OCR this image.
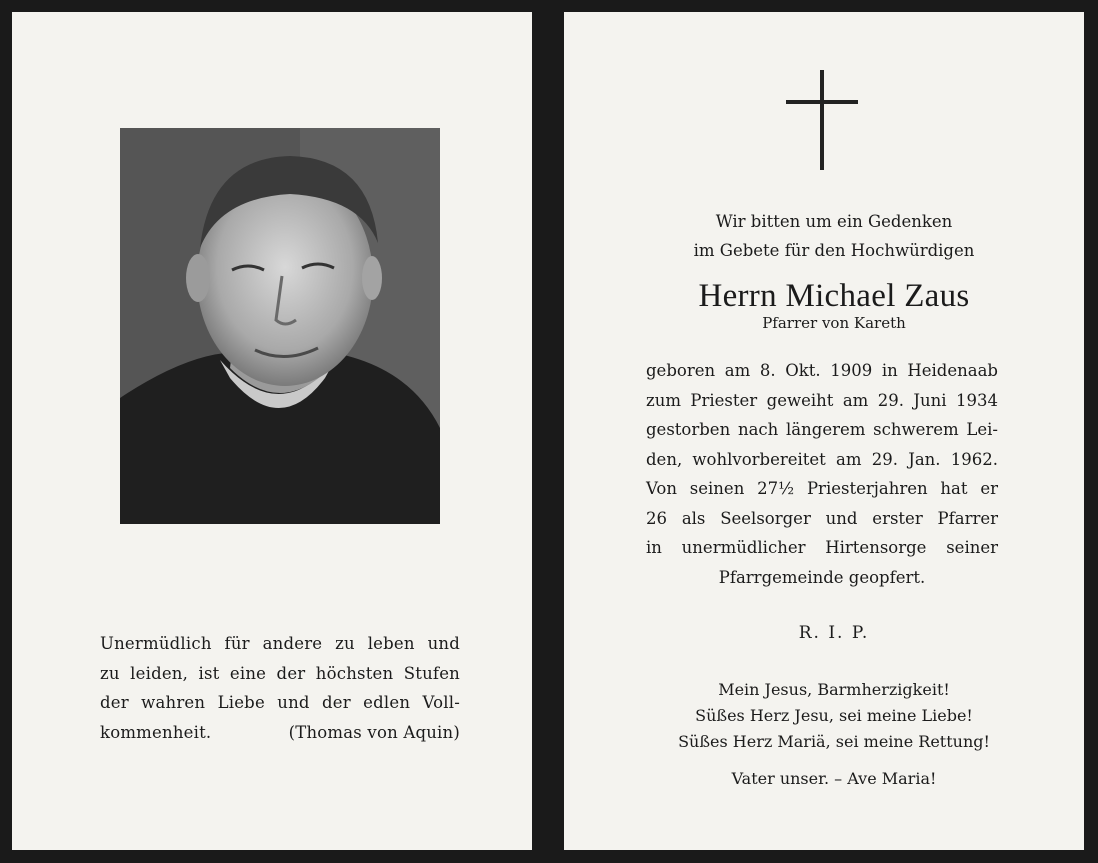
Unermüdlich für andere zu leben und
zu leiden, ist eine der höchsten Stufen
der wahren Liebe und der edlen Voll-
kommenheit.	(Thomas von Aquin)
Wir bitten um ein Gedenken
im Gebete für den Hochwürdigen
Herrn Michael Zaus
Pfarrer von Kareth
geboren am 8. Okt. 1909 in Heidenaab
zum Priester geweiht am 29. Juni 1934
gestorben nach längerem schwerem Lei-
den, wohlvorbereitet am 29. Jan. 1962.
Von seinen 27½ Priesterjahren hat er
26 als Seelsorger und erster Pfarrer
in unermüdlicher Hirtensorge seiner
Pfarrgemeinde geopfert.
R. I. P.
Mein Jesus, Barmherzigkeit!
Süßes Herz Jesu, sei meine Liebe!
Süßes Herz Mariä, sei meine Rettung!
Vater unser. – Ave Maria!
